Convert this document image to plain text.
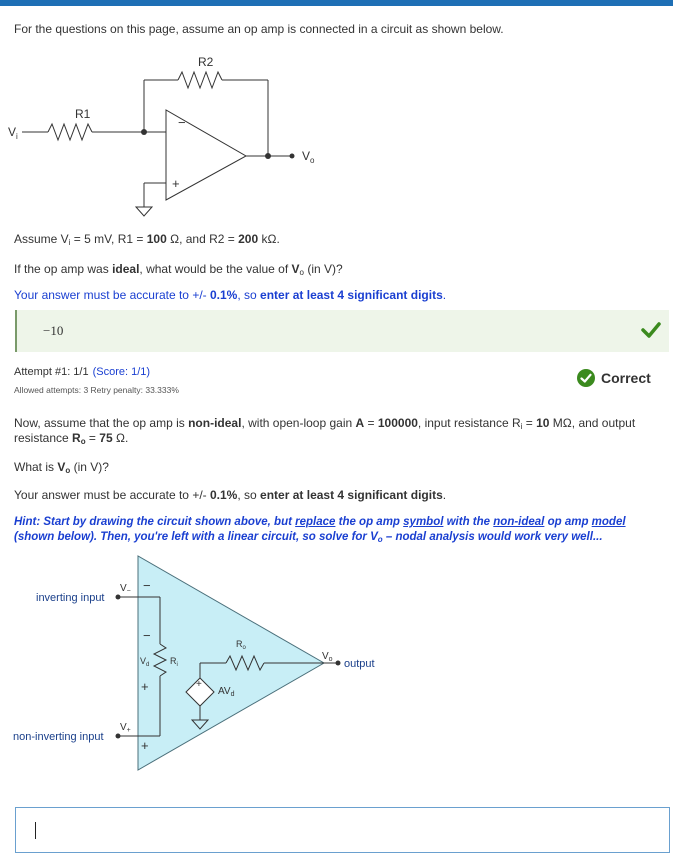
For the questions on this page, assume an op amp is connected in a circuit as shown below.
−
+
R1
R2
$V_i$
$V_o$
Assume $V_i = 5$ mV, R1 = 100 Ω, and R2 = 200 kΩ.
If the op amp was ideal, what would be the value of $V_o$ (in V)?
Your answer must be accurate to +/- 0.1%, so enter at least 4 significant digits.
−10
Attempt #1: 1/1 (Score: 1/1)
Allowed attempts: 3 Retry penalty: 33.333%
Correct
Now, assume that the op amp is non-ideal, with open-loop gain A = 100000, input resistance $R_i = 10$ MΩ, and output
resistance $R_o = 75$ Ω.
What is $V_o$ (in V)?
Your answer must be accurate to +/- 0.1%, so enter at least 4 significant digits.
Hint: Start by drawing the circuit shown above, but replace the op amp symbol with the non-ideal op amp model (shown below). Then, you're left with a linear circuit, so solve for $V_o$ – nodal analysis would work very well...
inverting input
non-inverting input
output
$V_-$
$V_+$
−
+
−
+
$V_d$ $R_i$
$R_o$
+
$AV_d$
$V_o$
